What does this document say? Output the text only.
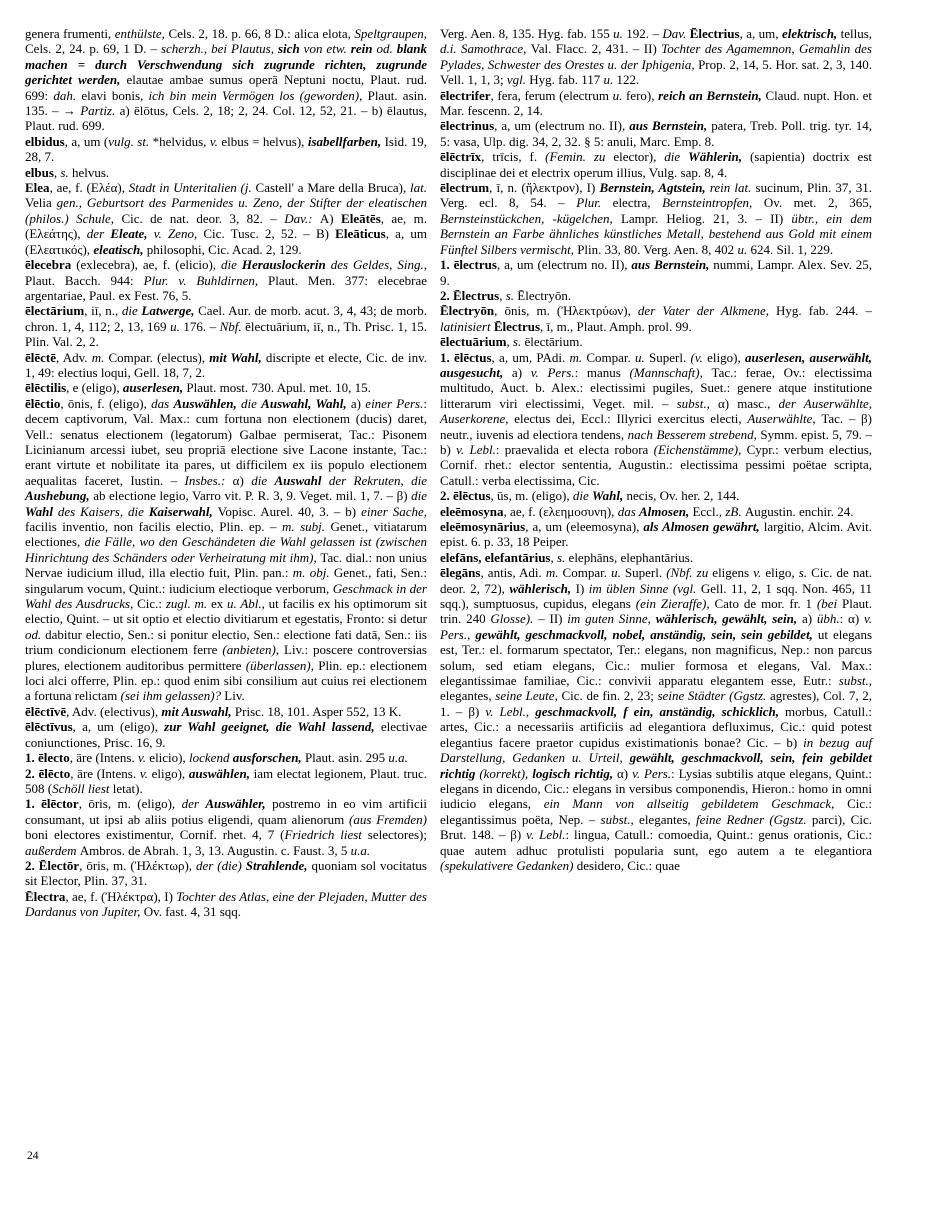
genera frumenti, enthülste, Cels. 2, 18. p. 66, 8 D.: alica elota, Speltgraupen, Cels. 2, 24. p. 69, 1 D. – scherzh., bei Plautus, sich von etw. rein od. blank machen = durch Verschwendung sich zugrunde richten, zugrunde gerichtet werden, elautae ambae sumus operā Neptuni noctu, Plaut. rud. 699: dah. elavi bonis, ich bin mein Vermögen los (geworden), Plaut. asin. 135. – → Partiz. a) ēlōtus, Cels. 2, 18; 2, 24. Col. 12, 52, 21. – b) ēlautus, Plaut. rud. 699.

elbidus, a, um (vulg. st. *helvidus, v. elbus = helvus), isabellfarben, Isid. 19, 28, 7.

elbus, s. helvus.

Elea, ae, f. (Ελέα), Stadt in Unteritalien (j. Castell' a Mare della Bruca), lat. Velia gen., Geburtsort des Parmenides u. Zeno, der Stifter der eleatischen (philos.) Schule, Cic. de nat. deor. 3, 82. – Dav.: A) Eleātēs, ae, m. (Ελεάτης), der Eleate, v. Zeno, Cic. Tusc. 2, 52. – B) Eleāticus, a, um (Ελεατικός), eleatisch, philosophi, Cic. Acad. 2, 129.

ēlecebra (exlecebra), ae, f. (elicio), die Herauslockerin des Geldes, Sing., Plaut. Bacch. 944: Plur. v. Buhldirnen, Plaut. Men. 377: elecebrae argentariae, Paul. ex Fest. 76, 5.

ēlectārium, iī, n., die Latwerge, Cael. Aur. de morb. acut. 3, 4, 43; de morb. chron. 1, 4, 112; 2, 13, 169 u. 176. – Nbf. ēlectuārium, iī, n., Th. Prisc. 1, 15. Plin. Val. 2, 2.

ēlēctē, Adv. m. Compar. (electus), mit Wahl, discripte et electe, Cic. de inv. 1, 49: electius loqui, Gell. 18, 7, 2.

ēlēctilis, e (eligo), auserlesen, Plaut. most. 730. Apul. met. 10, 15.

ēlēctio, ōnis, f. (eligo), das Auswählen, die Auswahl, Wahl, a) einer Pers.: decem captivorum, Val. Max.: cum fortuna non electionem (ducis) daret, Vell.: senatus electionem (legatorum) Galbae permiserat, Tac.: Pisonem Licinianum arcessi iubet, seu propriā electione sive Lacone instante, Tac.: erant virtute et nobilitate ita pares, ut difficilem ex iis populo electionem aequalitas faceret, Iustin. – Insbes.: α) die Auswahl der Rekruten, die Aushebung, ab electione legio, Varro vit. P. R. 3, 9. Veget. mil. 1, 7. – β) die Wahl des Kaisers, die Kaiserwahl, Vopisc. Aurel. 40, 3. – b) einer Sache, facilis inventio, non facilis electio, Plin. ep. – m. subj. Genet., vitiatarum electiones, die Fälle, wo den Geschändeten die Wahl gelassen ist (zwischen Hinrichtung des Schänders oder Verheiratung mit ihm), Tac. dial.: non unius Nervae iudicium illud, illa electio fuit, Plin. pan.: m. obj. Genet., fati, Sen.: singularum vocum, Quint.: iudicium electioque verborum, Geschmack in der Wahl des Ausdrucks, Cic.: zugl. m. ex u. Abl., ut facilis ex his optimorum sit electio, Quint. – ut sit optio et electio divitiarum et egestatis, Fronto: si detur od. dabitur electio, Sen.: si ponitur electio, Sen.: electione fati datā, Sen.: iis trium condicionum electionem ferre (anbieten), Liv.: poscere controversias plures, electionem auditoribus permittere (überlassen), Plin. ep.: electionem loci alci offerre, Plin. ep.: quod enim sibi consilium aut cuius rei electionem a fortuna relictam (sei ihm gelassen)? Liv.

ēlēctīvē, Adv. (electivus), mit Auswahl, Prisc. 18, 101. Asper 552, 13 K.

ēlēctīvus, a, um (eligo), zur Wahl geeignet, die Wahl lassend, electivae coniunctiones, Prisc. 16, 9.

1. ēlecto, āre (Intens. v. elicio), lockend ausforschen, Plaut. asin. 295 u.a.

2. ēlēcto, āre (Intens. v. eligo), auswählen, iam electat legionem, Plaut. truc. 508 (Schöll liest letat).

1. ēlēctor, ōris, m. (eligo), der Auswähler, postremo in eo vim artificii consumant, ut ipsi ab aliis potius eligendi, quam alienorum (aus Fremden) boni electores existimentur, Cornif. rhet. 4, 7 (Friedrich liest selectores); außerdem Ambros. de Abrah. 1, 3, 13. Augustin. c. Faust. 3, 5 u.a.

2. Ēlectōr, ōris, m. (Ἠλέκτωρ), der (die) Strahlende, quoniam sol vocitatus sit Elector, Plin. 37, 31.

Ēlectra, ae, f. (Ἠλέκτρα), I) Tochter des Atlas, eine der Plejaden, Mutter des Dardanus von Jupiter, Ov. fast. 4, 31 sqq.

Verg. Aen. 8, 135. Hyg. fab. 155 u. 192. – Dav. Ēlectrius, a, um, elektrisch, tellus, d.i. Samothrace, Val. Flacc. 2, 431. – II) Tochter des Agamemnon, Gemahlin des Pylades, Schwester des Orestes u. der Iphigenia, Prop. 2, 14, 5. Hor. sat. 2, 3, 140. Vell. 1, 1, 3; vgl. Hyg. fab. 117 u. 122.

ēlectrifer, fera, ferum (electrum u. fero), reich an Bernstein, Claud. nupt. Hon. et Mar. fescenn. 2, 14.

ēlectrinus, a, um (electrum no. II), aus Bernstein, patera, Treb. Poll. trig. tyr. 14, 5: vasa, Ulp. dig. 34, 2, 32. § 5: anuli, Marc. Emp. 8.

ēlēctrīx, trīcis, f. (Femin. zu elector), die Wählerin, (sapientia) doctrix est disciplinae dei et electrix operum illius, Vulg. sap. 8, 4.

ēlectrum, ī, n. (ἤλεκτρον), I) Bernstein, Agtstein, rein lat. sucinum, Plin. 37, 31. Verg. ecl. 8, 54. – Plur. electra, Bernsteintropfen, Ov. met. 2, 365, Bernsteinstückchen, -kügelchen, Lampr. Heliog. 21, 3. – II) übtr., ein dem Bernstein an Farbe ähnliches künstliches Metall, bestehend aus Gold mit einem Fünftel Silbers vermischt, Plin. 33, 80. Verg. Aen. 8, 402 u. 624. Sil. 1, 229.

1. ēlectrus, a, um (electrum no. II), aus Bernstein, nummi, Lampr. Alex. Sev. 25, 9.

2. Ēlectrus, s. Ēlectryōn.

Ēlectryōn, ōnis, m. (Ἠλεκτρύων), der Vater der Alkmene, Hyg. fab. 244. – latinisiert Ēlectrus, ī, m., Plaut. Amph. prol. 99.

ēlectuārium, s. ēlectārium.

1. ēlēctus, a, um, PAdi. m. Compar. u. Superl. (v. eligo), auserlesen, auserwählt, ausgesucht, a) v. Pers.: manus (Mannschaft), Tac.: ferae, Ov.: electissima multitudo, Auct. b. Alex.: electissimi pugiles, Suet.: genere atque institutione litterarum viri electissimi, Veget. mil. – subst., α) masc., der Auserwählte, Auserkorene, electus dei, Eccl.: Illyrici exercitus electi, Auserwählte, Tac. – β) neutr., iuvenis ad electiora tendens, nach Besserem strebend, Symm. epist. 5, 79. – b) v. Lebl.: praevalida et electa robora (Eichenstämme), Cypr.: verbum electius, Cornif. rhet.: elector sententia, Augustin.: electissima pessimi poëtae scripta, Catull.: verba electissima, Cic.

2. ēlēctus, ūs, m. (eligo), die Wahl, necis, Ov. her. 2, 144.

eleēmosyna, ae, f. (ελεημοσυνη), das Almosen, Eccl., zB. Augustin. enchir. 24.

eleēmosynārius, a, um (eleemosyna), als Almosen gewährt, largitio, Alcim. Avit. epist. 6. p. 33, 18 Peiper.

elefāns, elefantārius, s. elephāns, elephantārius.

ēlegāns, antis, Adi. m. Compar. u. Superl. (Nbf. zu eligens v. eligo, s. Cic. de nat. deor. 2, 72), wählerisch, I) im üblen Sinne (vgl. Gell. 11, 2, 1 sqq. Non. 465, 11 sqq.), sumptuosus, cupidus, elegans (ein Zieraffe), Cato de mor. fr. 1 (bei Plaut. trin. 240 Glosse). – II) im guten Sinne, wählerisch, gewählt, sein, a) übh.: α) v. Pers., gewählt, geschmackvoll, nobel, anständig, sein, sein gebildet, ut elegans est, Ter.: el. formarum spectator, Ter.: elegans, non magnificus, Nep.: non parcus solum, sed etiam elegans, Cic.: mulier formosa et elegans, Val. Max.: elegantissimae familiae, Cic.: convivii apparatu elegantem esse, Eutr.: subst., elegantes, seine Leute, Cic. de fin. 2, 23; seine Städter (Ggstz. agrestes), Col. 7, 2, 1. – β) v. Lebl., geschmackvoll, f ein, anständig, schicklich, morbus, Catull.: artes, Cic.: a necessariis artificiis ad elegantiora defluximus, Cic.: quid potest elegantius facere praetor cupidus existimationis bonae? Cic. – b) in bezug auf Darstellung, Gedanken u. Urteil, gewählt, geschmackvoll, sein, fein gebildet richtig (korrekt), logisch richtig, α) v. Pers.: Lysias subtilis atque elegans, Quint.: elegans in dicendo, Cic.: elegans in versibus componendis, Hieron.: homo in omni iudicio elegans, ein Mann von allseitig gebildetem Geschmack, Cic.: elegantissimus poëta, Nep. – subst., elegantes, feine Redner (Ggstz. parci), Cic. Brut. 148. – β) v. Lebl.: lingua, Catull.: comoedia, Quint.: genus orationis, Cic.: quae autem adhuc protulisti popularia sunt, ego autem a te elegantiora (spekulativere Gedanken) desidero, Cic.: quae

24
